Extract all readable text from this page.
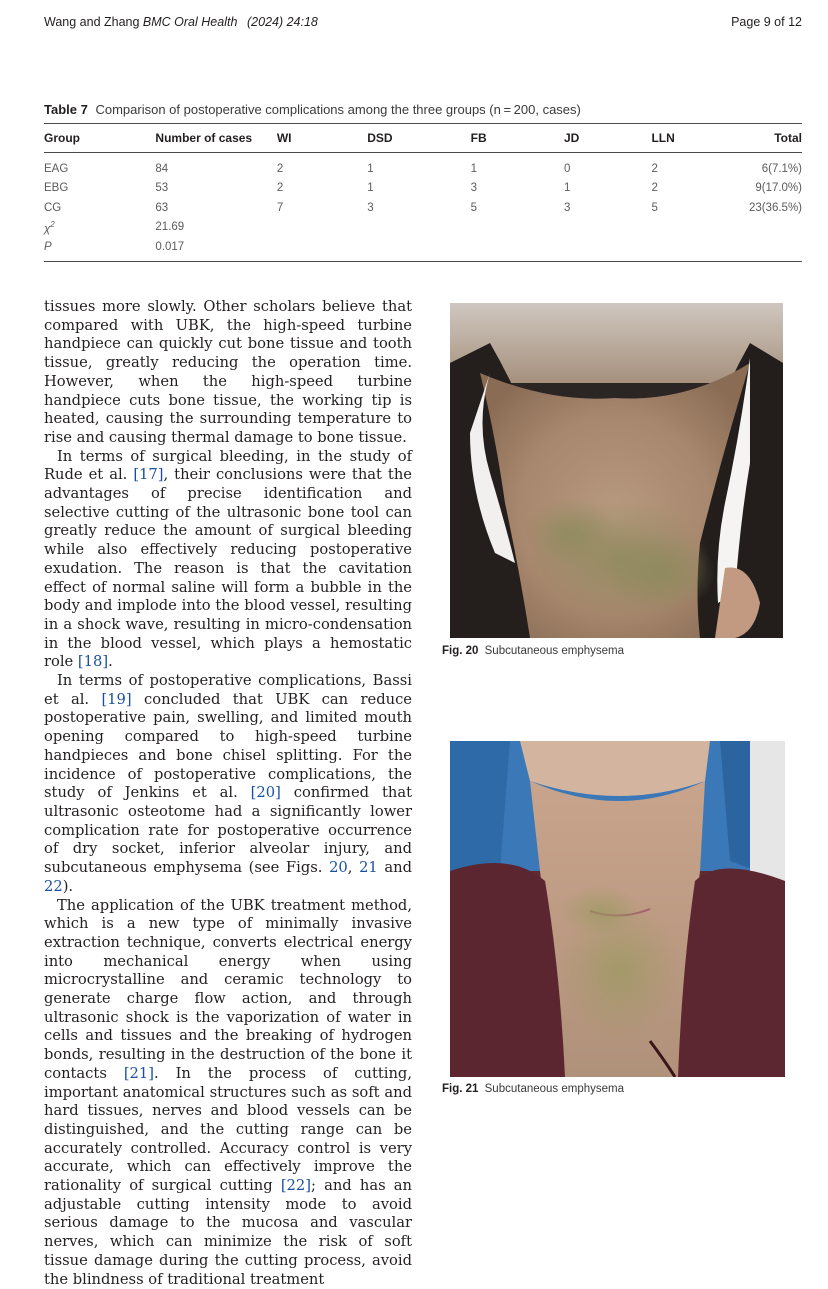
Wang and Zhang BMC Oral Health (2024) 24:18	Page 9 of 12
Table 7 Comparison of postoperative complications among the three groups (n = 200, cases)
Group	Number of cases	WI	DSD	FB	JD	LLN	Total
EAG	84	2	1	1	0	2	6(7.1%)
EBG	53	2	1	3	1	2	9(17.0%)
CG	63	7	3	5	3	5	23(36.5%)
$\chi^2$	21.69						
P	0.017						

tissues more slowly. Other scholars believe that compared with UBK, the high-speed turbine handpiece can quickly cut bone tissue and tooth tissue, greatly reducing the operation time. However, when the high-speed turbine handpiece cuts bone tissue, the working tip is heated, causing the surrounding temperature to rise and causing thermal damage to bone tissue.

In terms of surgical bleeding, in the study of Rude et al. [17], their conclusions were that the advantages of precise identification and selective cutting of the ultrasonic bone tool can greatly reduce the amount of surgical bleeding while also effectively reducing postoperative exudation. The reason is that the cavitation effect of normal saline will form a bubble in the body and implode into the blood vessel, resulting in a shock wave, resulting in micro-condensation in the blood vessel, which plays a hemostatic role [18].

In terms of postoperative complications, Bassi et al. [19] concluded that UBK can reduce postoperative pain, swelling, and limited mouth opening compared to high-speed turbine handpieces and bone chisel splitting. For the incidence of postoperative complications, the study of Jenkins et al. [20] confirmed that ultrasonic osteotome had a significantly lower complication rate for postoperative occurrence of dry socket, inferior alveolar injury, and subcutaneous emphysema (see Figs. 20, 21 and 22).

The application of the UBK treatment method, which is a new type of minimally invasive extraction technique, converts electrical energy into mechanical energy when using microcrystalline and ceramic technology to generate charge flow action, and through ultrasonic shock is the vaporization of water in cells and tissues and the breaking of hydrogen bonds, resulting in the destruction of the bone it contacts [21]. In the process of cutting, important anatomical structures such as soft and hard tissues, nerves and blood vessels can be distinguished, and the cutting range can be accurately controlled. Accuracy control is very accurate, which can effectively improve the rationality of surgical cutting [22]; and has an adjustable cutting intensity mode to avoid serious damage to the mucosa and vascular nerves, which can minimize the risk of soft tissue damage during the cutting process, avoid the blindness of traditional treatment

Fig. 20 Subcutaneous emphysema
Fig. 21 Subcutaneous emphysema
